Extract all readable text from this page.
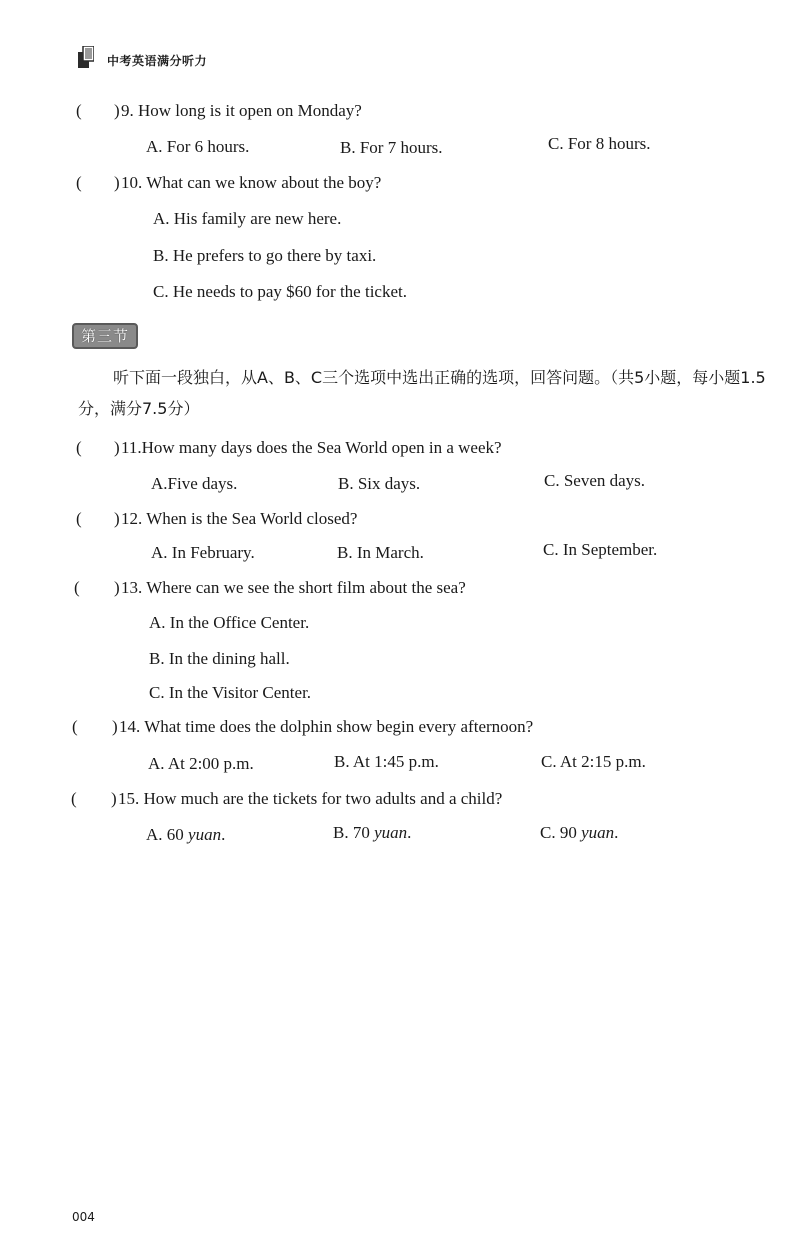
中考英语满分听力
( ) 9. How long is it open on Monday?
A. For 6 hours.	B. For 7 hours.	C. For 8 hours.
( ) 10. What can we know about the boy?
A. His family are new here.
B. He prefers to go there by taxi.
C. He needs to pay $60 for the ticket.
第三节
听下面一段独白，从A、B、C三个选项中选出正确的选项，回答问题。（共5小题，每小题1.5分，满分7.5分）
( ) 11.How many days does the Sea World open in a week?
A.Five days.	B. Six days.	C. Seven days.
( ) 12. When is the Sea World closed?
A. In February.	B. In March.	C. In September.
( ) 13. Where can we see the short film about the sea?
A. In the Office Center.
B. In the dining hall.
C. In the Visitor Center.
( ) 14. What time does the dolphin show begin every afternoon?
A. At 2:00 p.m.	B. At 1:45 p.m.	C. At 2:15 p.m.
( ) 15. How much are the tickets for two adults and a child?
A. 60 yuan.	B. 70 yuan.	C. 90 yuan.
004
